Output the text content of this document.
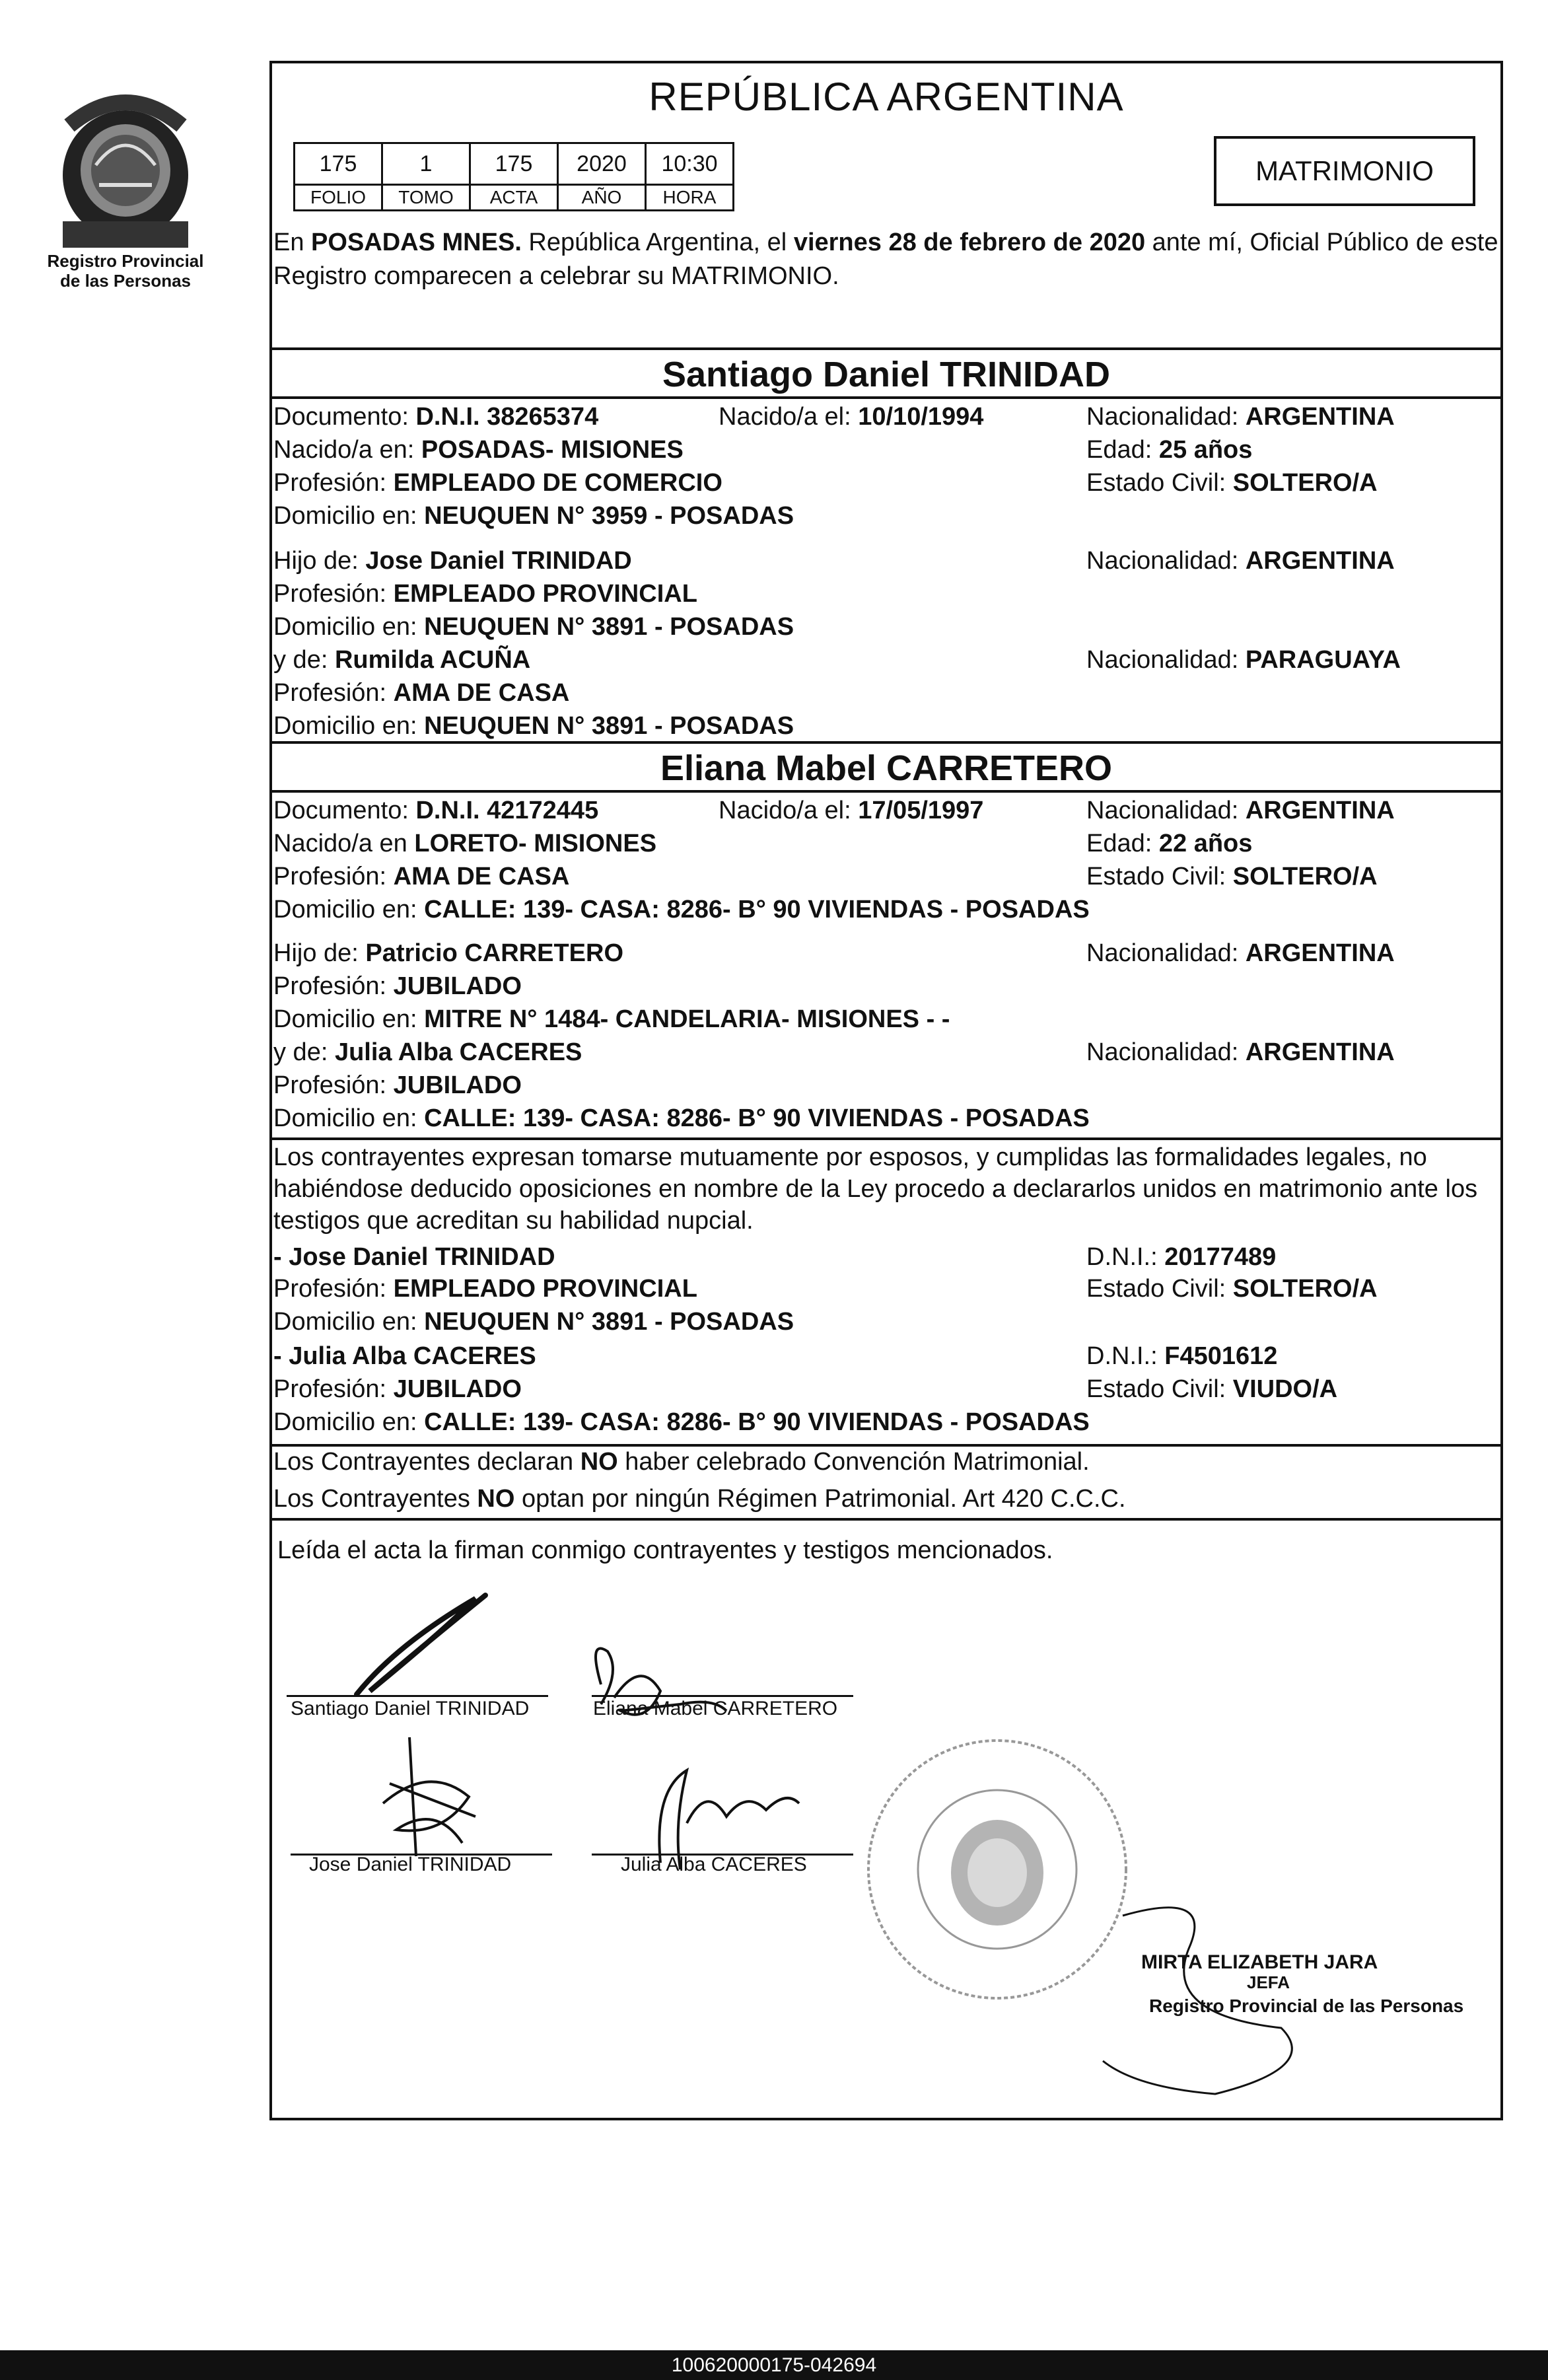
Registro Provincial
de las Personas
REPÚBLICA ARGENTINA
175	1	175	2020	10:30
FOLIO	TOMO	ACTA	AÑO	HORA
MATRIMONIO
En POSADAS MNES. República Argentina, el viernes 28 de febrero de 2020 ante mí, Oficial Público de este Registro comparecen a celebrar su MATRIMONIO.
Santiago Daniel TRINIDAD
Documento: D.N.I. 38265374	Nacido/a el: 10/10/1994	Nacionalidad: ARGENTINA
Nacido/a en: POSADAS- MISIONES	Edad: 25 años
Profesión: EMPLEADO DE COMERCIO	Estado Civil: SOLTERO/A
Domicilio en: NEUQUEN N° 3959 - POSADAS
Hijo de: Jose Daniel TRINIDAD	Nacionalidad: ARGENTINA
Profesión: EMPLEADO PROVINCIAL
Domicilio en: NEUQUEN N° 3891 - POSADAS
y de: Rumilda ACUÑA	Nacionalidad: PARAGUAYA
Profesión: AMA DE CASA
Domicilio en: NEUQUEN N° 3891 - POSADAS
Eliana Mabel CARRETERO
Documento: D.N.I. 42172445	Nacido/a el: 17/05/1997	Nacionalidad: ARGENTINA
Nacido/a en LORETO- MISIONES	Edad: 22 años
Profesión: AMA DE CASA	Estado Civil: SOLTERO/A
Domicilio en: CALLE: 139- CASA: 8286- B° 90 VIVIENDAS - POSADAS
Hijo de: Patricio CARRETERO	Nacionalidad: ARGENTINA
Profesión: JUBILADO
Domicilio en: MITRE N° 1484- CANDELARIA- MISIONES - -
y de: Julia Alba CACERES	Nacionalidad: ARGENTINA
Profesión: JUBILADO
Domicilio en: CALLE: 139- CASA: 8286- B° 90 VIVIENDAS - POSADAS
Los contrayentes expresan tomarse mutuamente por esposos, y cumplidas las formalidades legales, no habiéndose deducido oposiciones en nombre de la Ley procedo a declararlos unidos en matrimonio ante los testigos que acreditan su habilidad nupcial.
- Jose Daniel TRINIDAD	D.N.I.: 20177489
Profesión: EMPLEADO PROVINCIAL	Estado Civil: SOLTERO/A
Domicilio en: NEUQUEN N° 3891 - POSADAS
- Julia Alba CACERES	D.N.I.: F4501612
Profesión: JUBILADO	Estado Civil: VIUDO/A
Domicilio en: CALLE: 139- CASA: 8286- B° 90 VIVIENDAS - POSADAS
Los Contrayentes declaran NO haber celebrado Convención Matrimonial.
Los Contrayentes NO optan por ningún Régimen Patrimonial. Art 420 C.C.C.
Leída el acta la firman conmigo contrayentes y testigos mencionados.
Santiago Daniel TRINIDAD	Eliana Mabel CARRETERO
Jose Daniel TRINIDAD	Julia Alba CACERES
MIRTA ELIZABETH JARA
JEFA
Registro Provincial de las Personas
100620000175-042694
